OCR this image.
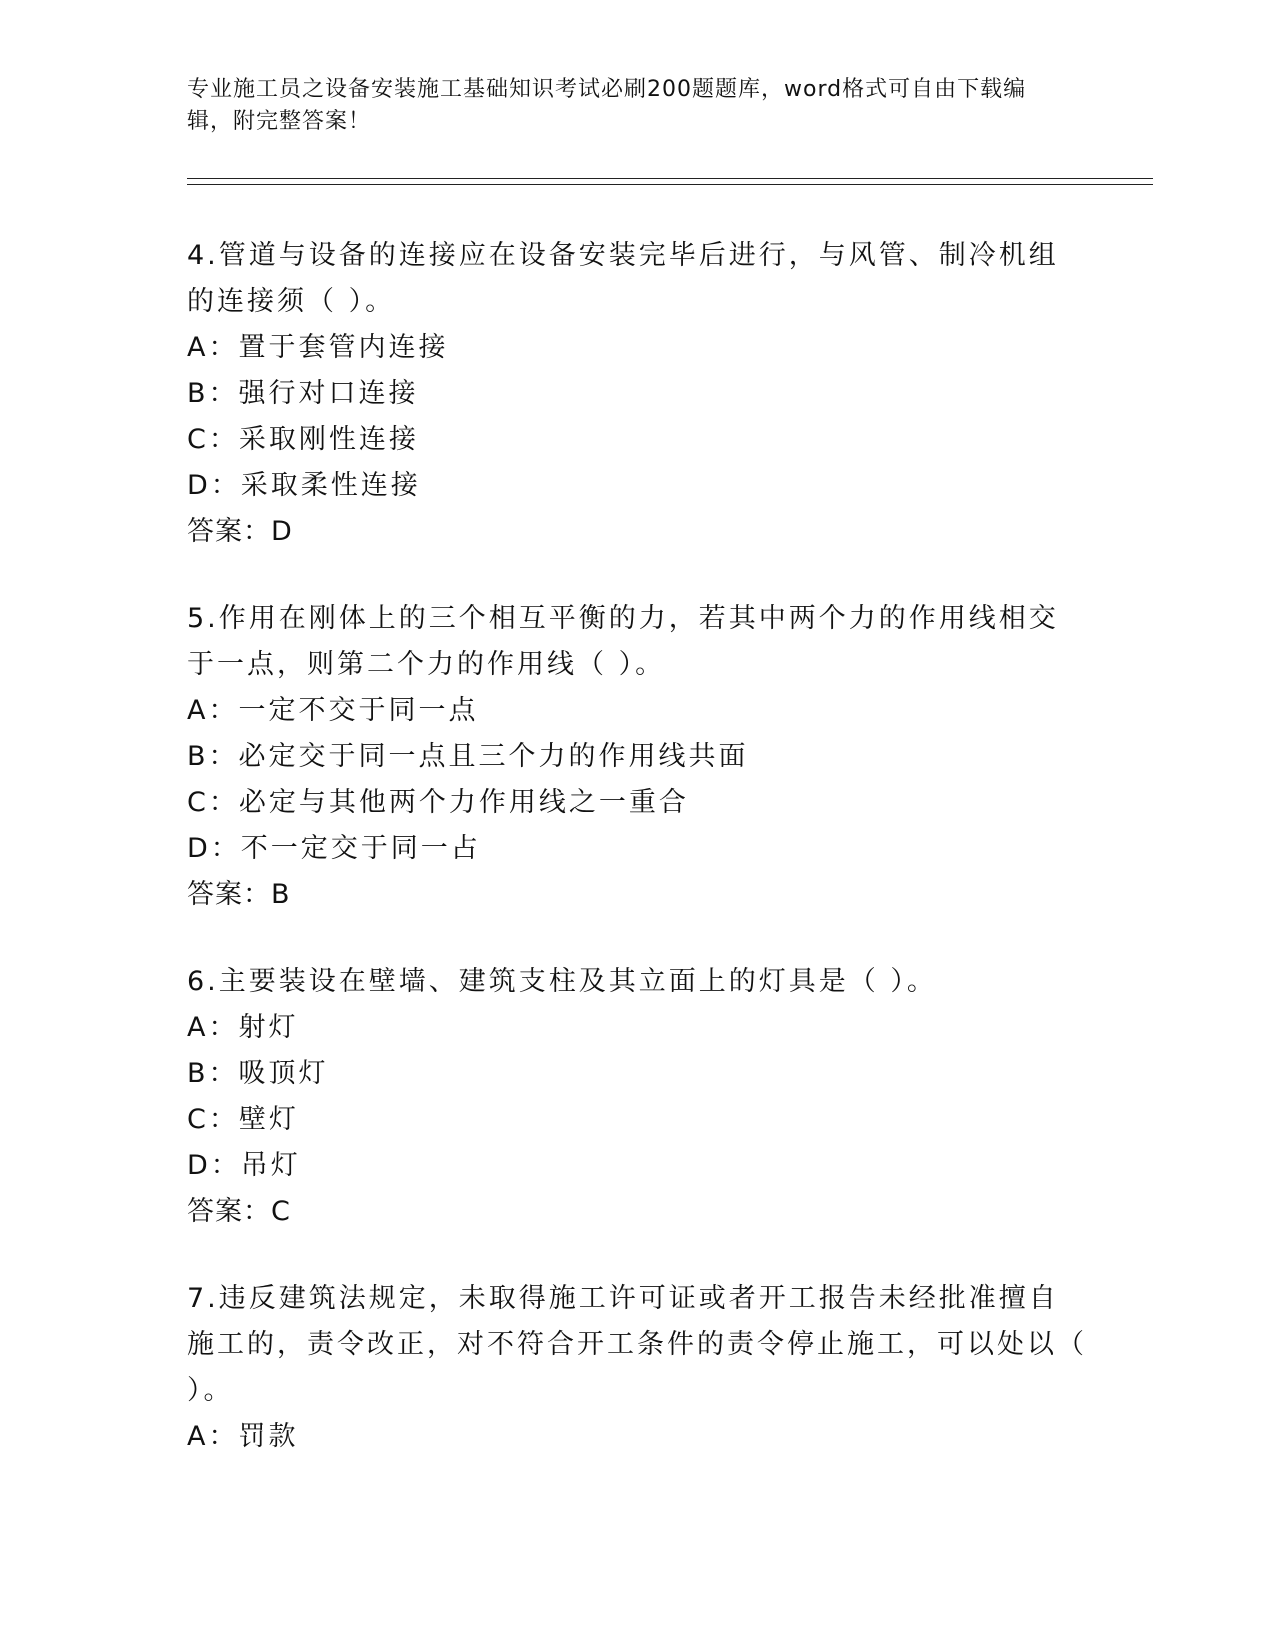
专业施工员之设备安装施工基础知识考试必刷200题题库，word格式可自由下载编辑，附完整答案！

4.管道与设备的连接应在设备安装完毕后进行，与风管、制冷机组的连接须（ ）。

A：置于套管内连接

B：强行对口连接

C：采取刚性连接

D：采取柔性连接

答案：D

5.作用在刚体上的三个相互平衡的力，若其中两个力的作用线相交于一点，则第二个力的作用线（ ）。

A：一定不交于同一点

B：必定交于同一点且三个力的作用线共面

C：必定与其他两个力作用线之一重合

D：不一定交于同一占

答案：B

6.主要装设在壁墙、建筑支柱及其立面上的灯具是（ ）。

A：射灯

B：吸顶灯

C：壁灯

D：吊灯

答案：C

7.违反建筑法规定，未取得施工许可证或者开工报告未经批准擅自施工的，责令改正，对不符合开工条件的责令停止施工，可以处以（ ）。

A：罚款
